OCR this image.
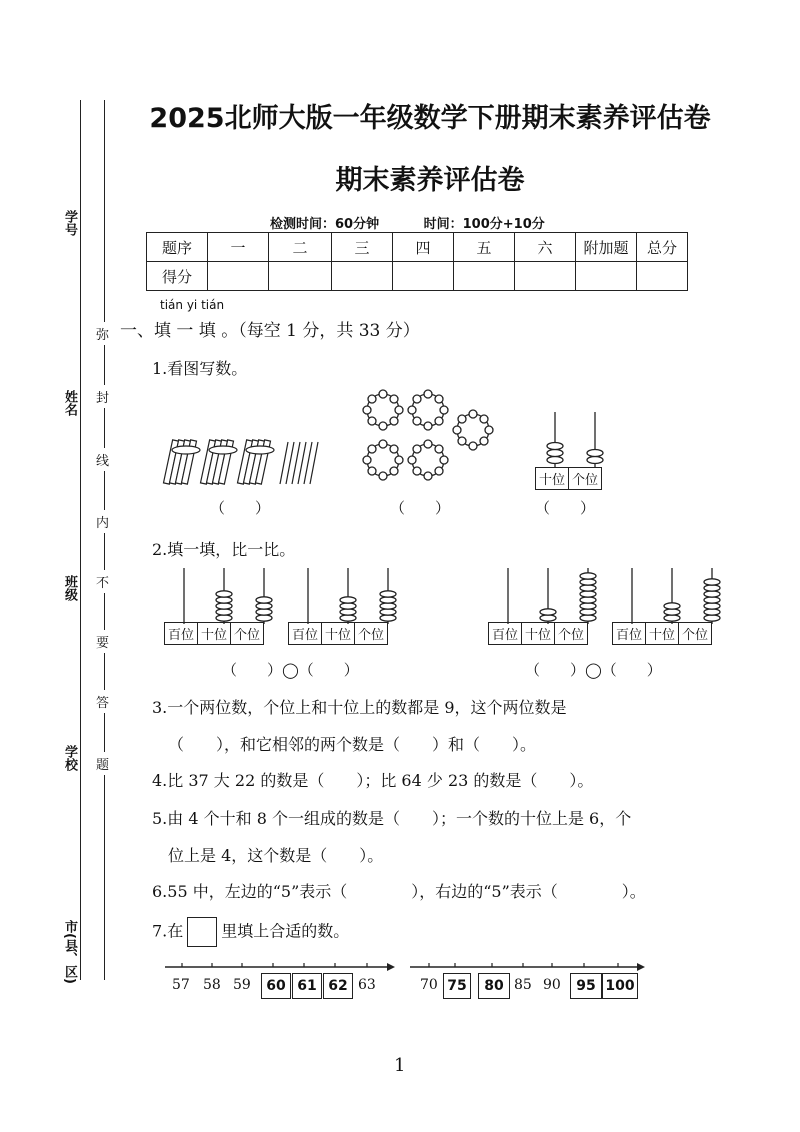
学号
姓名
班级
学校
市(县、区)
弥
封
线
内
不
要
答
题
2025北师大版一年级数学下册期末素养评估卷
期末素养评估卷
检测时间：60分钟	时间：100分+10分
题序	一	二	三	四	五	六	附加题	总分
得分								
tián yi tián
一、填 一 填 。（每空 1 分，共 33 分）
1.看图写数。
十位	个位
（　　）	（　　）	（　　）
2.填一填，比一比。
百位	十位	个位 百位	十位	个位	百位	十位	个位 百位	十位	个位
（　　）◯（　　）	（　　）◯（　　）
3.一个两位数，个位上和十位上的数都是 9，这个两位数是
（　　），和它相邻的两个数是（　　）和（　　）。
4.比 37 大 22 的数是（　　）；比 64 少 23 的数是（　　）。
5.由 4 个十和 8 个一组成的数是（　　）；一个数的十位上是 6，个
位上是 4，这个数是（　　）。
6.55 中，左边的“5”表示（　　　　），右边的“5”表示（　　　　）。
7.在 里填上合适的数。
57 58 59	60 61 62 63	70 75	80 85 90	95 100
1
